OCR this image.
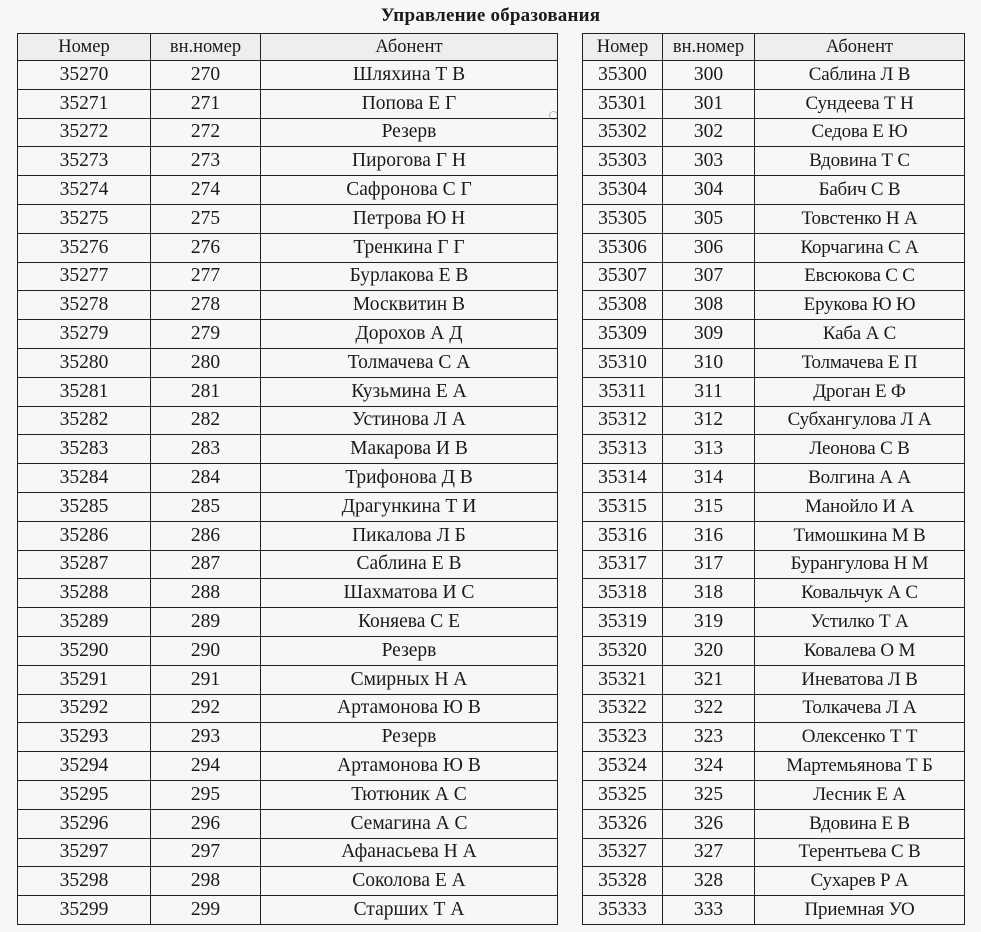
Управление образования
Номер	вн.номер	Абонент
35270	270	Шляхина Т В
35271	271	Попова Е Г
35272	272	Резерв
35273	273	Пирогова Г Н
35274	274	Сафронова С Г
35275	275	Петрова Ю Н
35276	276	Тренкина Г Г
35277	277	Бурлакова Е В
35278	278	Москвитин В
35279	279	Дорохов А Д
35280	280	Толмачева С А
35281	281	Кузьмина Е А
35282	282	Устинова Л А
35283	283	Макарова И В
35284	284	Трифонова Д В
35285	285	Драгункина Т И
35286	286	Пикалова Л Б
35287	287	Саблина Е В
35288	288	Шахматова И С
35289	289	Коняева С Е
35290	290	Резерв
35291	291	Смирных Н А
35292	292	Артамонова Ю В
35293	293	Резерв
35294	294	Артамонова Ю В
35295	295	Тютюник А С
35296	296	Семагина А С
35297	297	Афанасьева Н А
35298	298	Соколова Е А
35299	299	Старших Т А
Номер	вн.номер	Абонент
35300	300	Саблина Л В
35301	301	Сундеева Т Н
35302	302	Седова Е Ю
35303	303	Вдовина Т С
35304	304	Бабич С В
35305	305	Товстенко Н А
35306	306	Корчагина С А
35307	307	Евсюкова С С
35308	308	Ерукова Ю Ю
35309	309	Каба А С
35310	310	Толмачева Е П
35311	311	Дроган Е Ф
35312	312	Субхангулова Л А
35313	313	Леонова С В
35314	314	Волгина А А
35315	315	Манойло И А
35316	316	Тимошкина М В
35317	317	Бурангулова Н М
35318	318	Ковальчук А С
35319	319	Устилко Т А
35320	320	Ковалева О М
35321	321	Иневатова Л В
35322	322	Толкачева Л А
35323	323	Олексенко Т Т
35324	324	Мартемьянова Т Б
35325	325	Лесник Е А
35326	326	Вдовина Е В
35327	327	Терентьева С В
35328	328	Сухарев Р А
35333	333	Приемная УО
